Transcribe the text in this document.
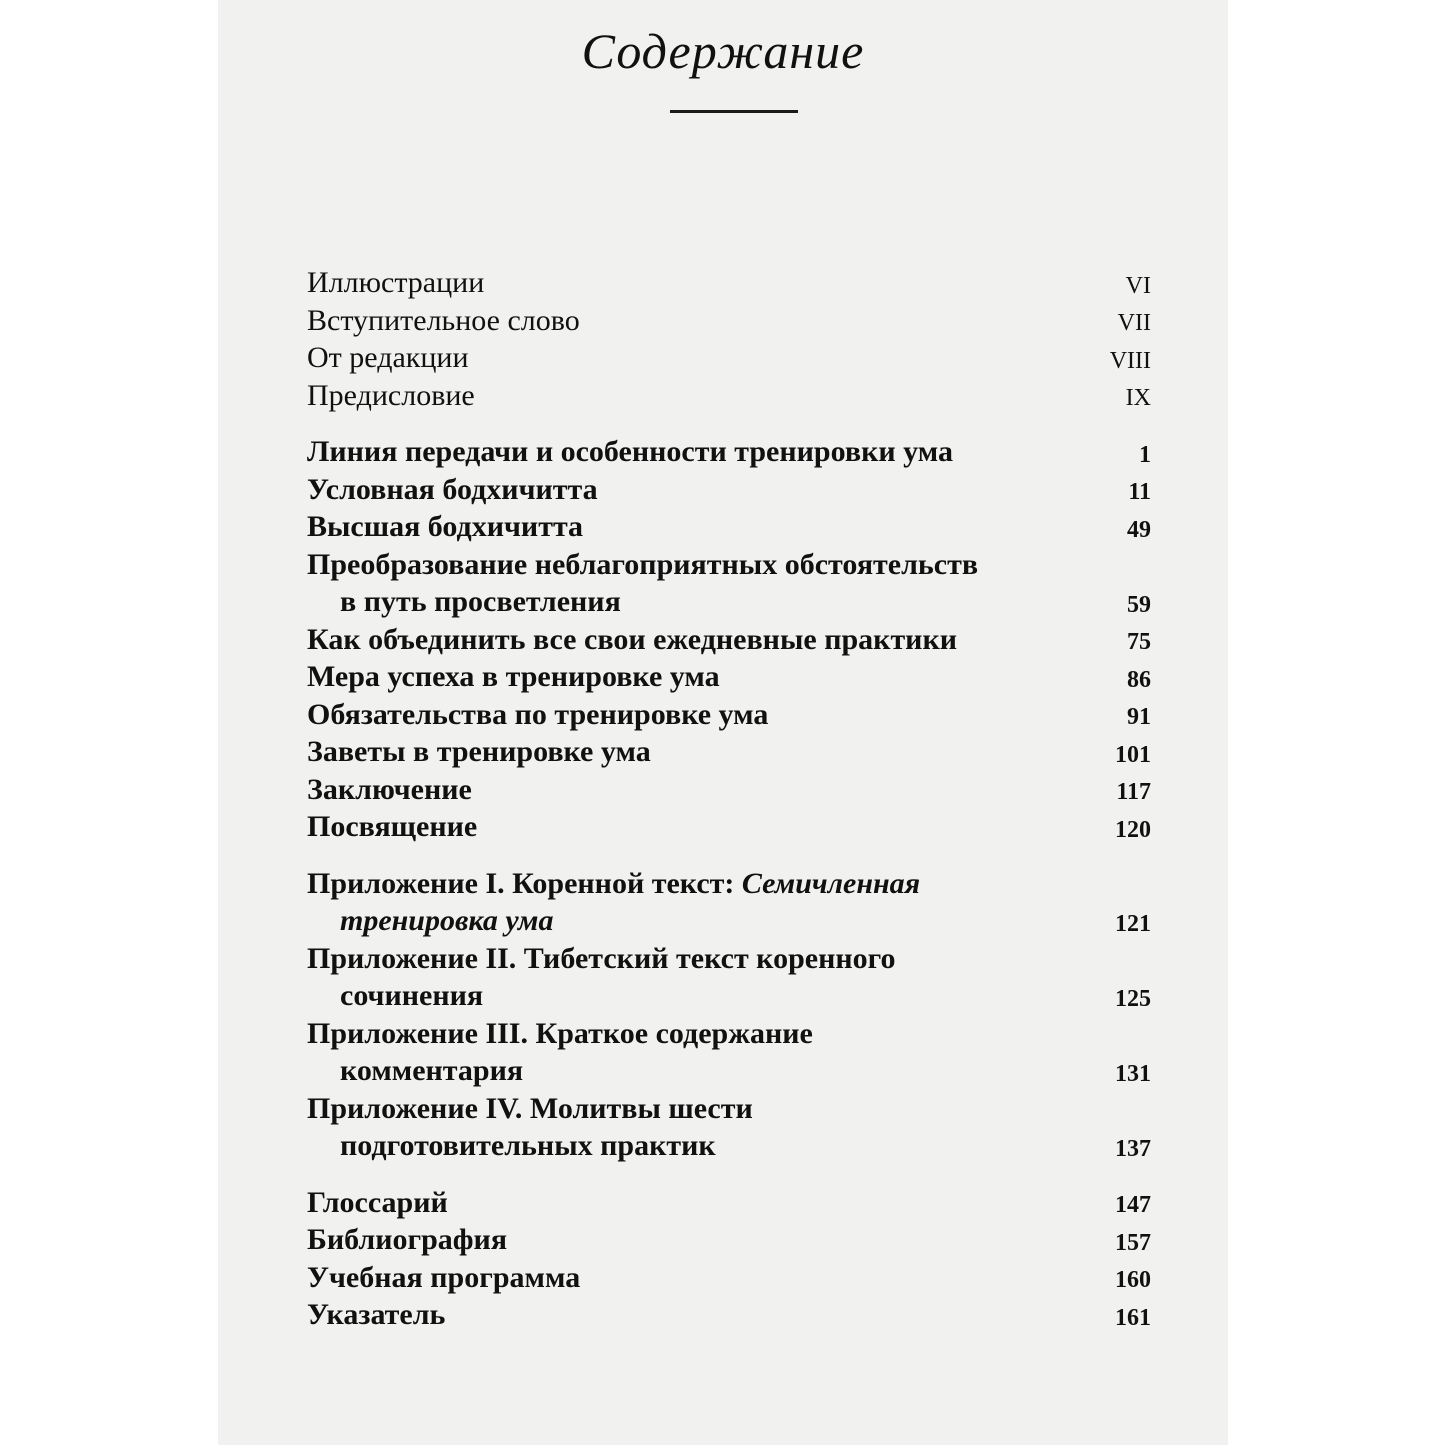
Содержание
Иллюстрации	VI
Вступительное слово	VII
От редакции	VIII
Предисловие	IX
Линия передачи и особенности тренировки ума	1
Условная бодхичитта	11
Высшая бодхичитта	49
Преобразование неблагоприятных обстоятельств
в путь просветления	59
Как объединить все свои ежедневные практики	75
Мера успеха в тренировке ума	86
Обязательства по тренировке ума	91
Заветы в тренировке ума	101
Заключение	117
Посвящение	120
Приложение I. Коренной текст: Семичленная
тренировка ума	121
Приложение II. Тибетский текст коренного
сочинения	125
Приложение III. Краткое содержание
комментария	131
Приложение IV. Молитвы шести
подготовительных практик	137
Глоссарий	147
Библиография	157
Учебная программа	160
Указатель	161
